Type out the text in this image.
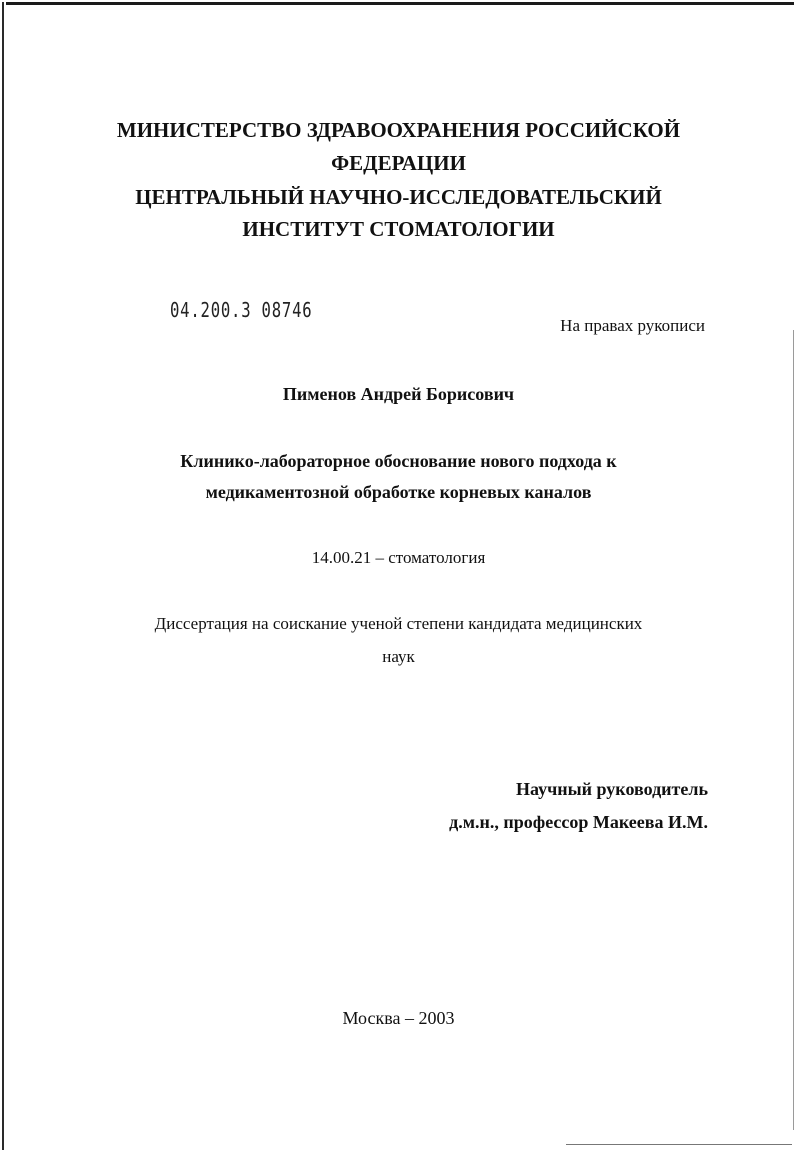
МИНИСТЕРСТВО ЗДРАВООХРАНЕНИЯ РОССИЙСКОЙ
ФЕДЕРАЦИИ
ЦЕНТРАЛЬНЫЙ НАУЧНО-ИССЛЕДОВАТЕЛЬСКИЙ
ИНСТИТУТ СТОМАТОЛОГИИ
04.200.3 08746
На правах рукописи
Пименов Андрей Борисович
Клинико-лабораторное обоснование нового подхода к
медикаментозной обработке корневых каналов
14.00.21 – стоматология
Диссертация на соискание ученой степени кандидата медицинских
наук
Научный руководитель
д.м.н., профессор Макеева И.М.
Москва – 2003
